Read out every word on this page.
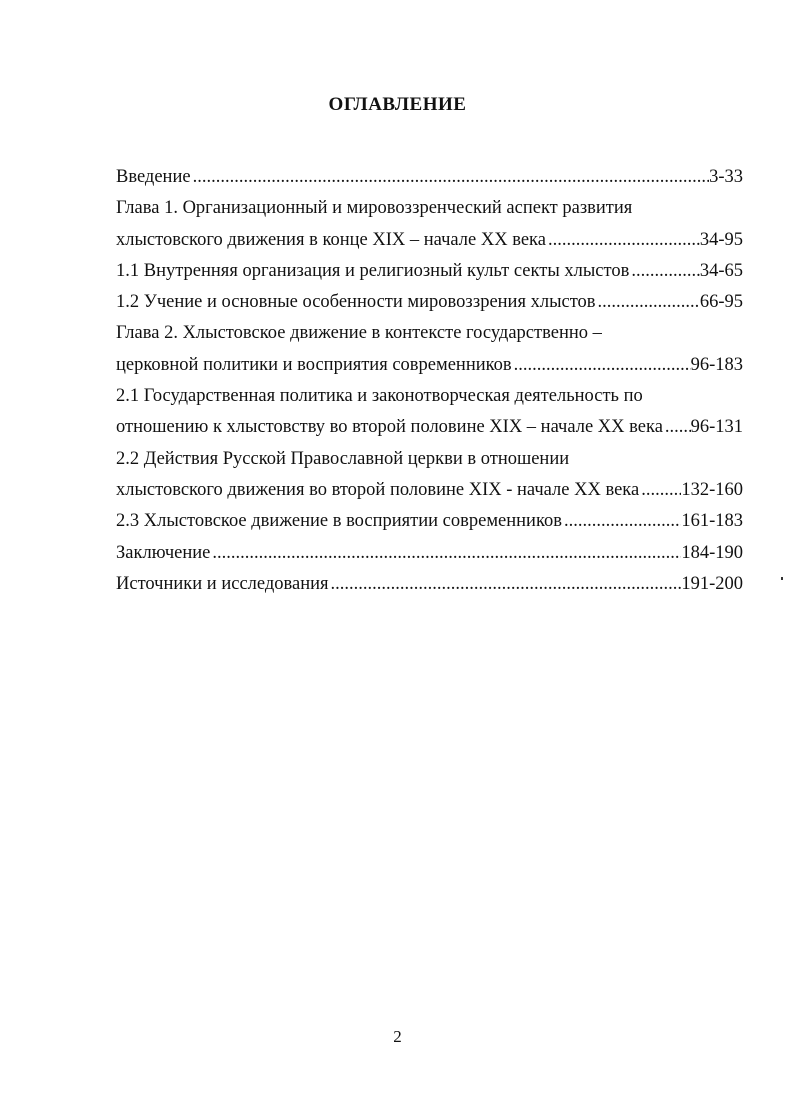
ОГЛАВЛЕНИЕ
Введение .....	3-33
Глава 1. Организационный и мировоззренческий аспект развития
хлыстовского движения в конце XIX – начале XX века .....	34-95
1.1 Внутренняя организация и религиозный культ секты хлыстов .....	34-65
1.2 Учение и основные особенности мировоззрения хлыстов .....	66-95
Глава 2. Хлыстовское движение в контексте государственно –
церковной политики и восприятия современников .....	96-183
2.1 Государственная политика и законотворческая деятельность по
отношению к хлыстовству во второй половине XIX – начале XX века ..... 96-131
2.2 Действия Русской Православной церкви в отношении
хлыстовского движения во второй половине XIX - начале XX века ..... 132-160
2.3 Хлыстовское движение в восприятии современников .....	161-183
Заключение .....	184-190
Источники и исследования .....	191-200
2
